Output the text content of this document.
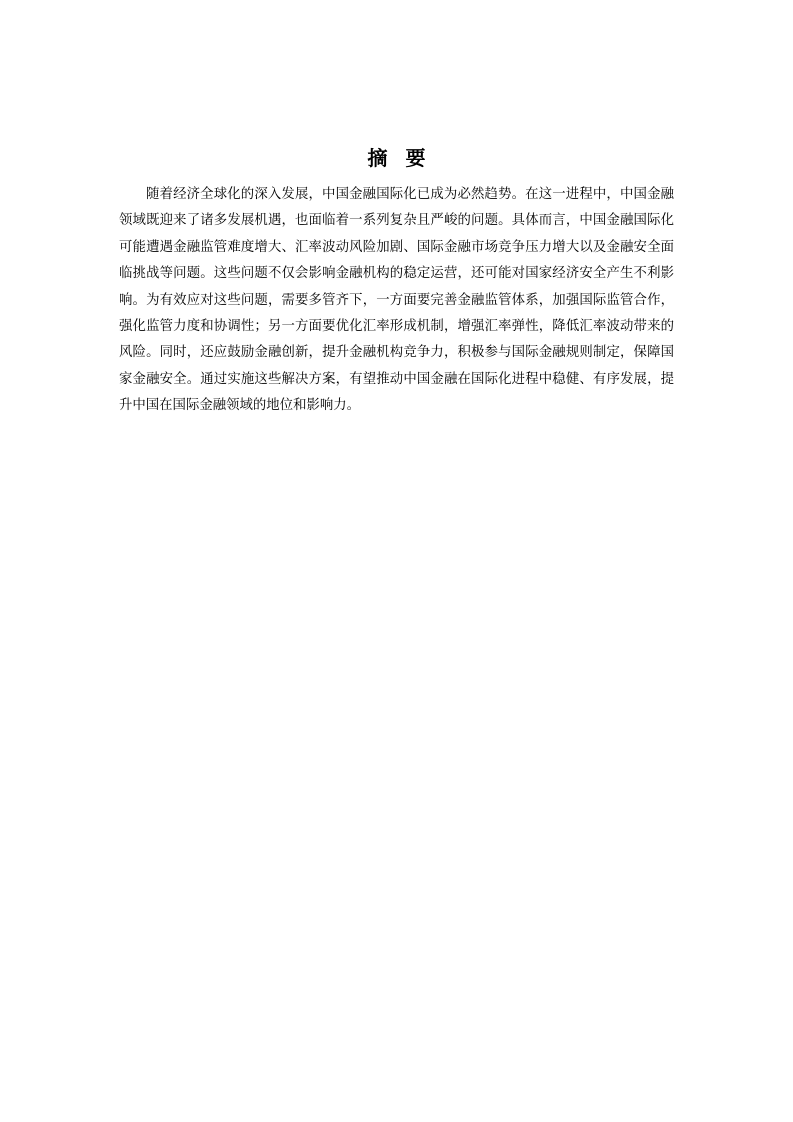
摘要

随着经济全球化的深入发展，中国金融国际化已成为必然趋势。在这一进程中，中国金融领域既迎来了诸多发展机遇，也面临着一系列复杂且严峻的问题。具体而言，中国金融国际化可能遭遇金融监管难度增大、汇率波动风险加剧、国际金融市场竞争压力增大以及金融安全面临挑战等问题。这些问题不仅会影响金融机构的稳定运营，还可能对国家经济安全产生不利影响。为有效应对这些问题，需要多管齐下，一方面要完善金融监管体系，加强国际监管合作，强化监管力度和协调性；另一方面要优化汇率形成机制，增强汇率弹性，降低汇率波动带来的风险。同时，还应鼓励金融创新，提升金融机构竞争力，积极参与国际金融规则制定，保障国家金融安全。通过实施这些解决方案，有望推动中国金融在国际化进程中稳健、有序发展，提升中国在国际金融领域的地位和影响力。
